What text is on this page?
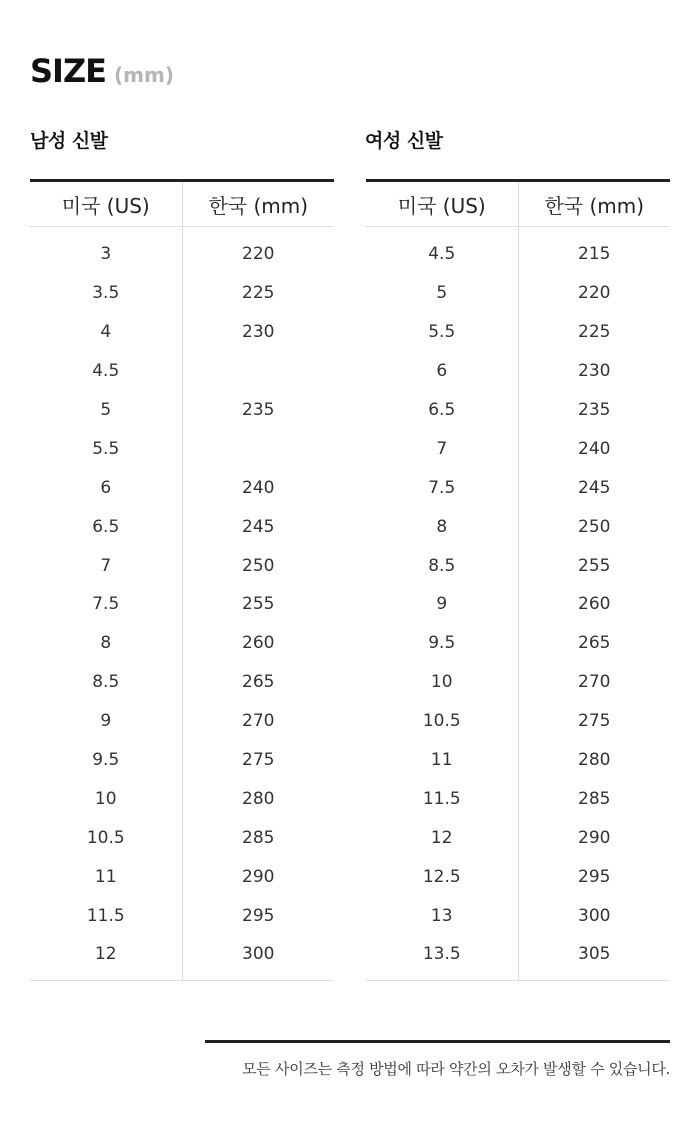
SIZE (mm)
남성 신발	여성 신발
미국 (US)	한국 (mm)
3	220
3.5	225
4	230
4.5	
5	235
5.5	
6	240
6.5	245
7	250
7.5	255
8	260
8.5	265
9	270
9.5	275
10	280
10.5	285
11	290
11.5	295
12	300
미국 (US)	한국 (mm)
4.5	215
5	220
5.5	225
6	230
6.5	235
7	240
7.5	245
8	250
8.5	255
9	260
9.5	265
10	270
10.5	275
11	280
11.5	285
12	290
12.5	295
13	300
13.5	305
모든 사이즈는 측정 방법에 따라 약간의 오차가 발생할 수 있습니다.
